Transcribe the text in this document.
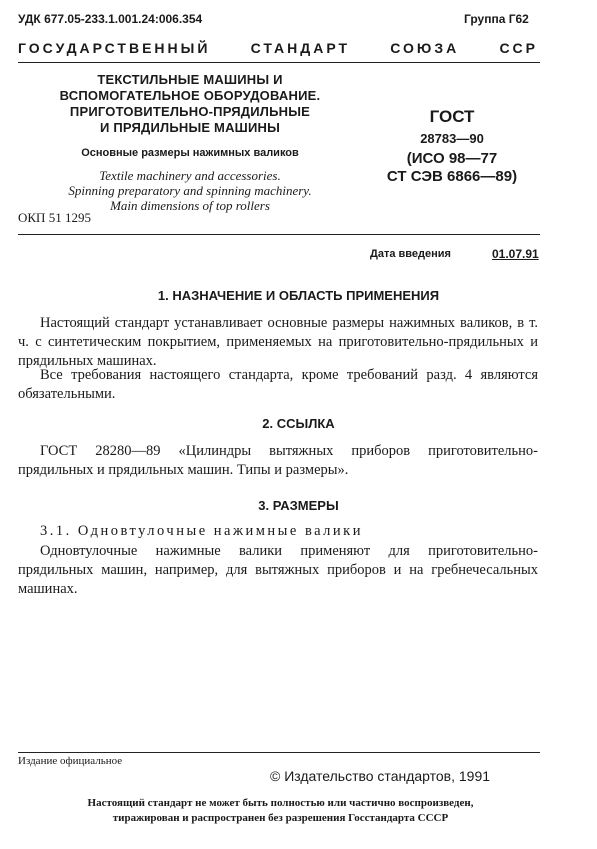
УДК 677.05-233.1.001.24:006.354	Группа Г62
ГОСУДАРСТВЕННЫЙ СТАНДАРТ СОЮЗА ССР
ТЕКСТИЛЬНЫЕ МАШИНЫ И
ВСПОМОГАТЕЛЬНОЕ ОБОРУДОВАНИЕ.
ПРИГОТОВИТЕЛЬНО-ПРЯДИЛЬНЫЕ
И ПРЯДИЛЬНЫЕ МАШИНЫ
Основные размеры нажимных валиков
Textile machinery and accessories.
Spinning preparatory and spinning machinery.
Main dimensions of top rollers
ОКП 51 1295
ГОСТ
28783—90
(ИСО 98—77
СТ СЭВ 6866—89)
Дата введения	01.07.91
1. НАЗНАЧЕНИЕ И ОБЛАСТЬ ПРИМЕНЕНИЯ
Настоящий стандарт устанавливает основные размеры нажимных валиков, в т. ч. с синтетическим покрытием, применяемых на приготовительно-прядильных и прядильных машинах.
Все требования настоящего стандарта, кроме требований разд. 4 являются обязательными.
2. ССЫЛКА
ГОСТ 28280—89 «Цилиндры вытяжных приборов приготовительно-прядильных и прядильных машин. Типы и размеры».
3. РАЗМЕРЫ
3.1. Одновтулочные нажимные валики
Одновтулочные нажимные валики применяют для приготовительно-прядильных машин, например, для вытяжных приборов и на гребнечесальных машинах.
Издание официальное
© Издательство стандартов, 1991
Настоящий стандарт не может быть полностью или частично воспроизведен,
тиражирован и распространен без разрешения Госстандарта СССР
